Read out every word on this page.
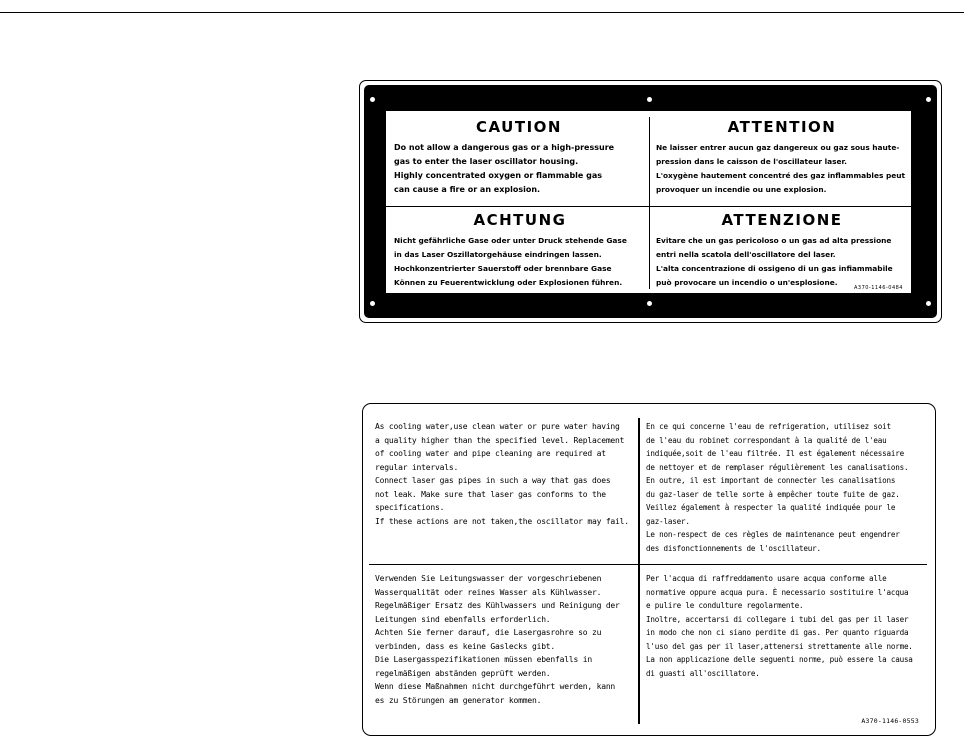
CAUTION
Do not allow a dangerous gas or a high-pressure
gas to enter the laser oscillator housing.
Highly concentrated oxygen or flammable gas
can cause a fire or an explosion.
ATTENTION
Ne laisser entrer aucun gaz dangereux ou gaz sous haute-
pression dans le caisson de l'oscillateur laser.
L'oxygène hautement concentré des gaz inflammables peut
provoquer un incendie ou une explosion.
ACHTUNG
Nicht gefährliche Gase oder unter Druck stehende Gase
in das Laser Oszillatorgehäuse eindringen lassen.
Hochkonzentrierter Sauerstoff oder brennbare Gase
Können zu Feuerentwicklung oder Explosionen führen.
ATTENZIONE
Evitare che un gas pericoloso o un gas ad alta pressione
entri nella scatola dell'oscillatore del laser.
L'alta concentrazione di ossigeno di un gas infiammabile
può provocare un incendio o un'esplosione.
A370-1146-0484
As cooling water,use clean water or pure water having
a quality higher than the specified level. Replacement
of cooling water and pipe cleaning are required at
regular intervals.
Connect laser gas pipes in such a way that gas does
not leak. Make sure that laser gas conforms to the
specifications.
If these actions are not taken,the oscillator may fail.
En ce qui concerne l'eau de refrigeration, utilisez soit
de l'eau du robinet correspondant à la qualité de l'eau
indiquée,soit de l'eau filtrée. Il est également nécessaire
de nettoyer et de remplaser régulièrement les canalisations.
En outre, il est important de connecter les canalisations
du gaz-laser de telle sorte à empêcher toute fuite de gaz.
Veillez également à respecter la qualité indiquée pour le
gaz-laser.
Le non-respect de ces règles de maintenance peut engendrer
des disfonctionnements de l'oscillateur.
Verwenden Sie Leitungswasser der vorgeschriebenen
Wasserqualität oder reines Wasser als Kühlwasser.
Regelmäßiger Ersatz des Kühlwassers und Reinigung der
Leitungen sind ebenfalls erforderlich.
Achten Sie ferner darauf, die Lasergasrohre so zu
verbinden, dass es keine Gaslecks gibt.
Die Lasergasspezifikationen müssen ebenfalls in
regelmäßigen abständen geprüft werden.
Wenn diese Maßnahmen nicht durchgeführt werden, kann
es zu Störungen am generator kommen.
Per l'acqua di raffreddamento usare acqua conforme alle
normative oppure acqua pura. È necessario sostituire l'acqua
e pulire le condulture regolarmente.
Inoltre, accertarsi di collegare i tubi del gas per il laser
in modo che non ci siano perdite di gas. Per quanto riguarda
l'uso del gas per il laser,attenersi strettamente alle norme.
La non applicazione delle seguenti norme, può essere la causa
di guasti all'oscillatore.
A370-1146-0553
